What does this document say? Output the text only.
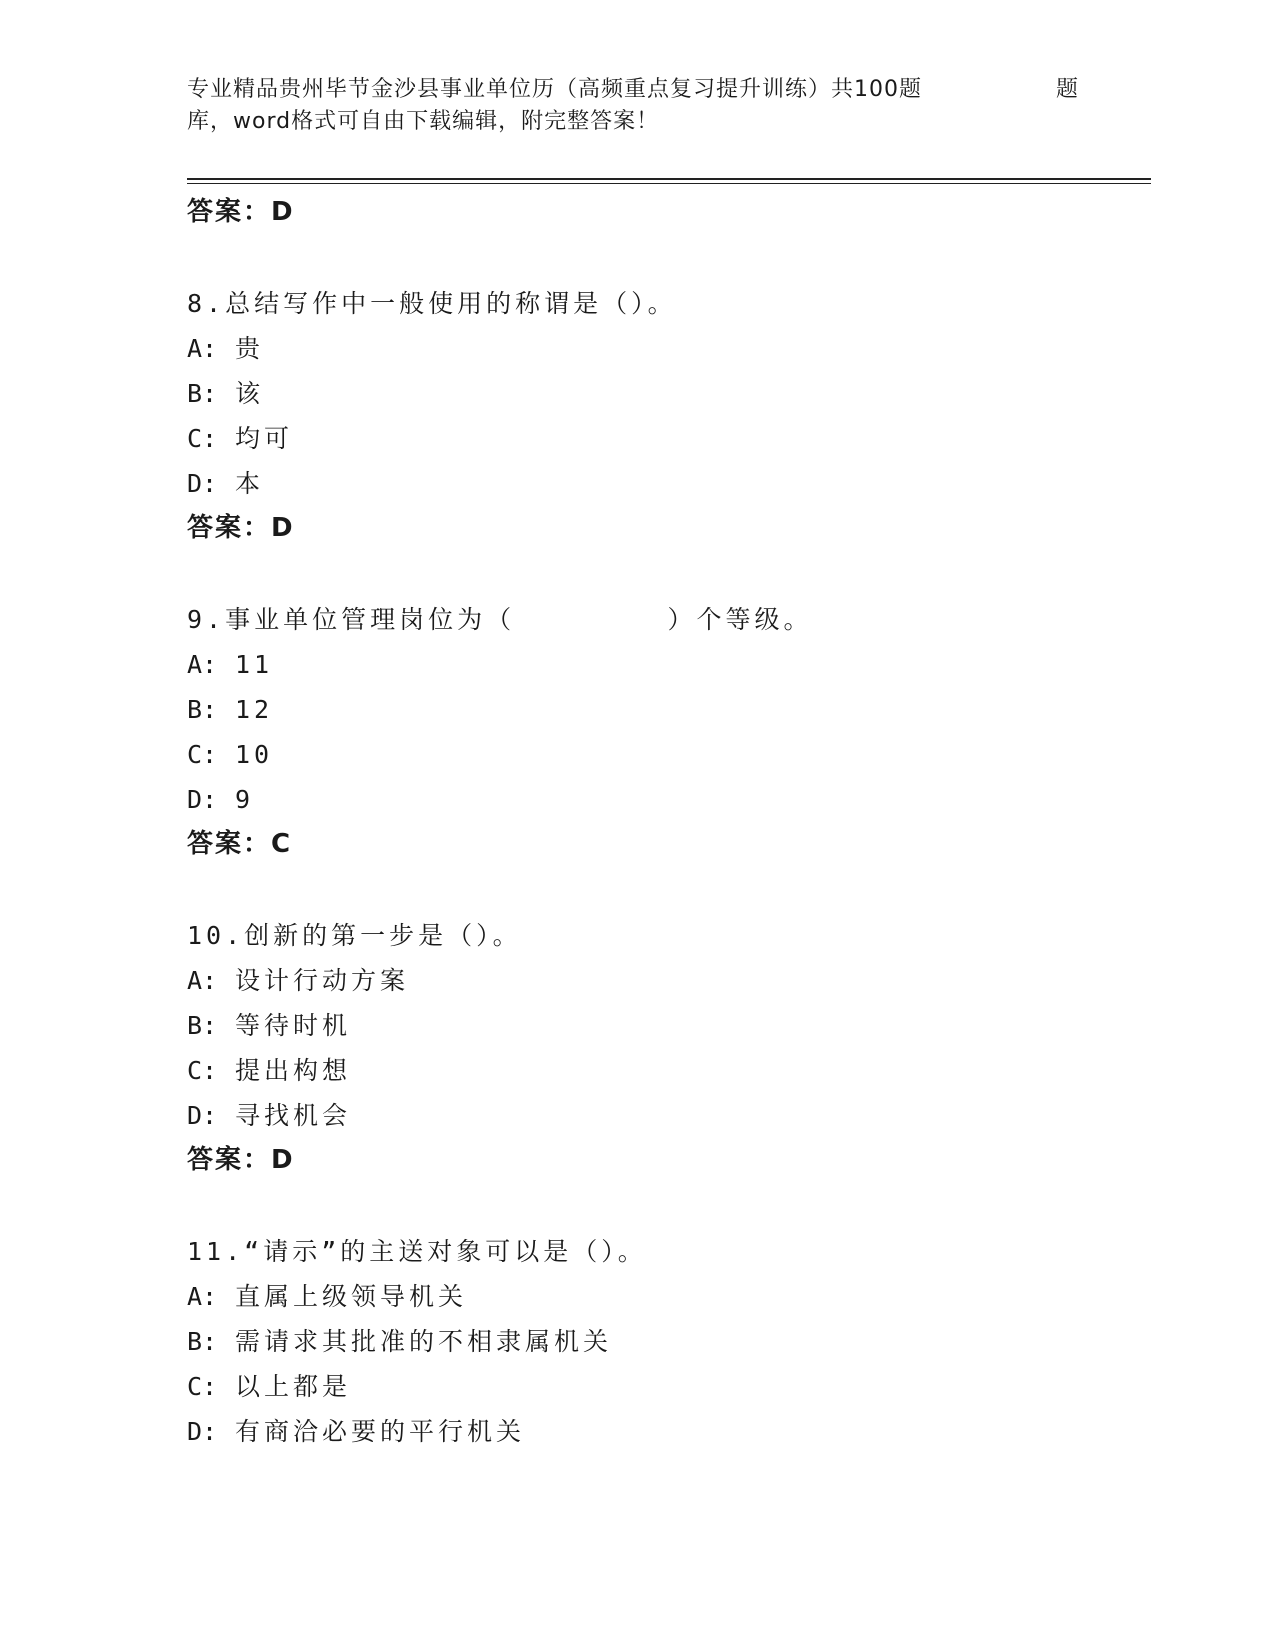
专业精品贵州毕节金沙县事业单位历（高频重点复习提升训练）共100题	题
库，word格式可自由下载编辑，附完整答案！
答案：D
8.总结写作中一般使用的称谓是（）。
A: 贵
B: 该
C: 均可
D: 本
答案：D
9.事业单位管理岗位为（        ）个等级。
A: 11
B: 12
C: 10
D: 9
答案：C
10.创新的第一步是（）。
A: 设计行动方案
B: 等待时机
C: 提出构想
D: 寻找机会
答案：D
11.“请示”的主送对象可以是（）。
A: 直属上级领导机关
B: 需请求其批准的不相隶属机关
C: 以上都是
D: 有商洽必要的平行机关
